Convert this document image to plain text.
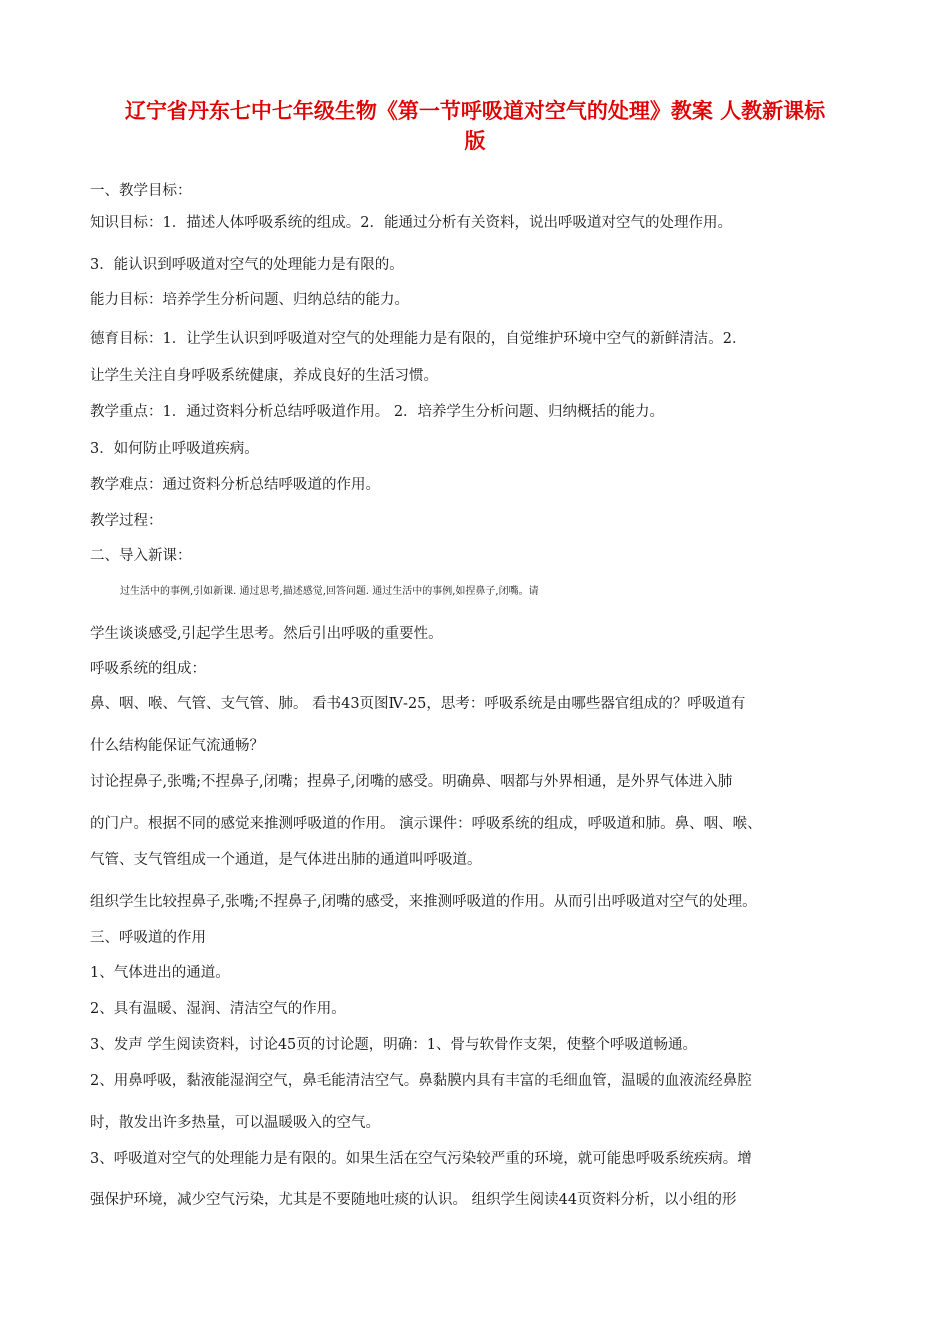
辽宁省丹东七中七年级生物《第一节呼吸道对空气的处理》教案 人教新课标
版
一、教学目标：
知识目标：1．描述人体呼吸系统的组成。2．能通过分析有关资料，说出呼吸道对空气的处理作用。
3．能认识到呼吸道对空气的处理能力是有限的。
能力目标：培养学生分析问题、归纳总结的能力。
德育目标：1．让学生认识到呼吸道对空气的处理能力是有限的，自觉维护环境中空气的新鲜清洁。2．
让学生关注自身呼吸系统健康，养成良好的生活习惯。
教学重点：1．通过资料分析总结呼吸道作用。 2．培养学生分析问题、归纳概括的能力。
3．如何防止呼吸道疾病。
教学难点：通过资料分析总结呼吸道的作用。
教学过程：
二、导入新课：
过生活中的事例,引如新课. 通过思考,描述感觉,回答问题. 通过生活中的事例,如捏鼻子,闭嘴。请
学生谈谈感受,引起学生思考。然后引出呼吸的重要性。
呼吸系统的组成：
鼻、咽、喉、气管、支气管、肺。 看书43页图Ⅳ-25，思考：呼吸系统是由哪些器官组成的？呼吸道有
什么结构能保证气流通畅？
讨论捏鼻子,张嘴;不捏鼻子,闭嘴；捏鼻子,闭嘴的感受。明确鼻、咽都与外界相通，是外界气体进入肺
的门户。根据不同的感觉来推测呼吸道的作用。 演示课件：呼吸系统的组成，呼吸道和肺。鼻、咽、喉、
气管、支气管组成一个通道，是气体进出肺的通道叫呼吸道。
组织学生比较捏鼻子,张嘴;不捏鼻子,闭嘴的感受，来推测呼吸道的作用。从而引出呼吸道对空气的处理。
三、呼吸道的作用
1、气体进出的通道。
2、具有温暖、湿润、清洁空气的作用。
3、发声 学生阅读资料，讨论45页的讨论题，明确：1、骨与软骨作支架，使整个呼吸道畅通。
2、用鼻呼吸，黏液能湿润空气，鼻毛能清洁空气。鼻黏膜内具有丰富的毛细血管，温暖的血液流经鼻腔
时，散发出许多热量，可以温暖吸入的空气。
3、呼吸道对空气的处理能力是有限的。如果生活在空气污染较严重的环境，就可能患呼吸系统疾病。增
强保护环境，减少空气污染，尤其是不要随地吐痰的认识。 组织学生阅读44页资料分析，以小组的形
